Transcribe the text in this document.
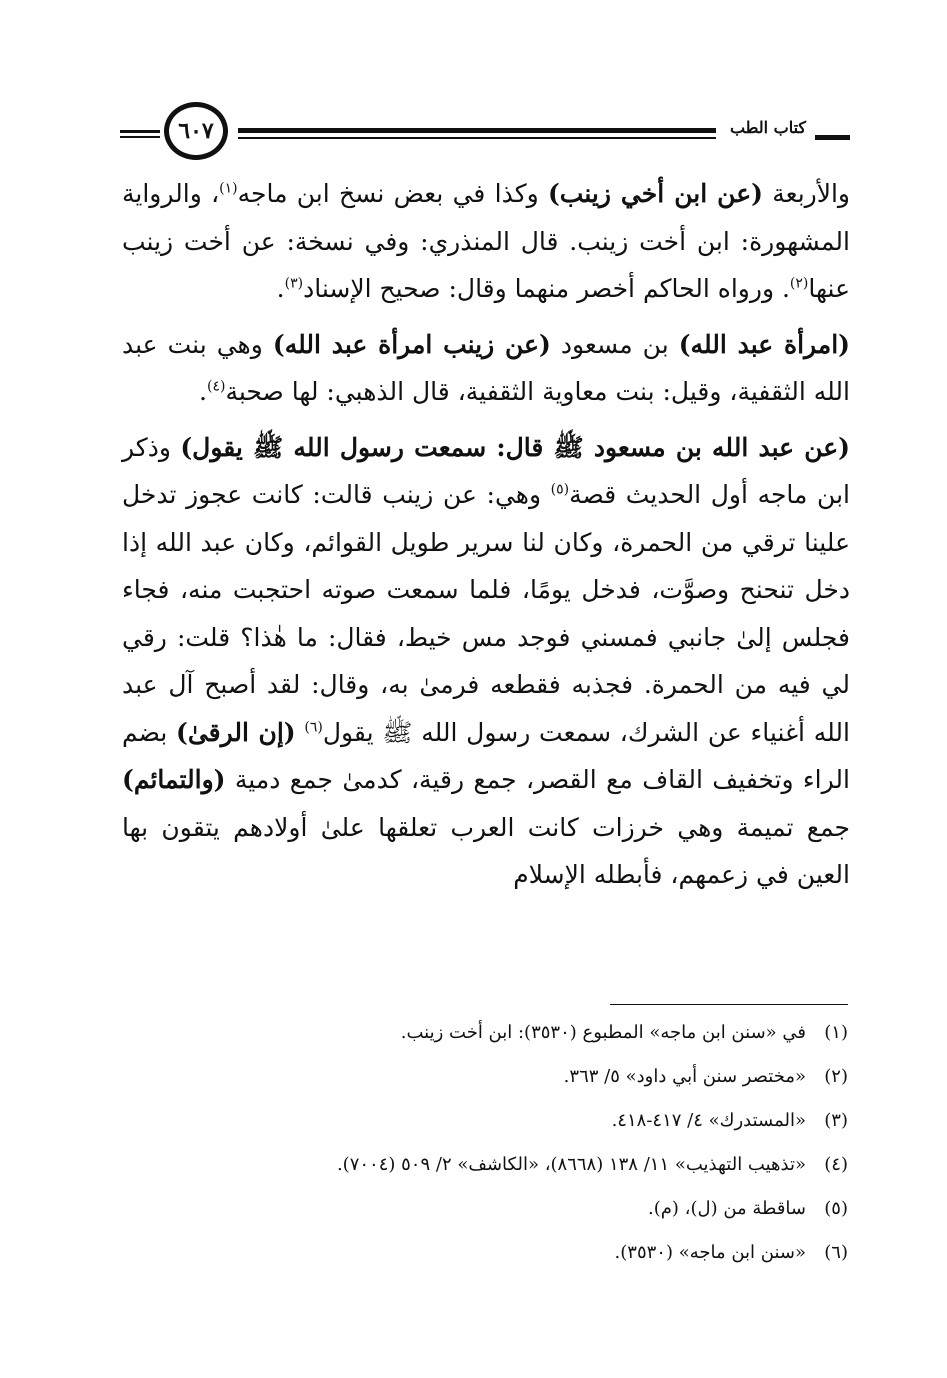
٦٠٧	كتاب الطب

والأربعة (عن ابن أخي زينب) وكذا في بعض نسخ ابن ماجه$^{(١)}$، والرواية المشهورة: ابن أخت زينب. قال المنذري: وفي نسخة: عن أخت زينب عنها$^{(٢)}$. ورواه الحاكم أخصر منهما وقال: صحيح الإسناد$^{(٣)}$.

(امرأة عبد الله) بن مسعود (عن زينب امرأة عبد الله) وهي بنت عبد الله الثقفية، وقيل: بنت معاوية الثقفية، قال الذهبي: لها صحبة$^{(٤)}$.

(عن عبد الله بن مسعود ﷺ قال: سمعت رسول الله ﷺ يقول) وذكر ابن ماجه أول الحديث قصة$^{(٥)}$ وهي: عن زينب قالت: كانت عجوز تدخل علينا ترقي من الحمرة، وكان لنا سرير طويل القوائم، وكان عبد الله إذا دخل تنحنح وصوَّت، فدخل يومًا، فلما سمعت صوته احتجبت منه، فجاء فجلس إلىٰ جانبي فمسني فوجد مس خيط، فقال: ما هٰذا؟ قلت: رقي لي فيه من الحمرة. فجذبه فقطعه فرمىٰ به، وقال: لقد أصبح آل عبد الله أغنياء عن الشرك، سمعت رسول الله ﷺ يقول$^{(٦)}$ (إن الرقىٰ) بضم الراء وتخفيف القاف مع القصر، جمع رقية، كدمىٰ جمع دمية (والتمائم) جمع تميمة وهي خرزات كانت العرب تعلقها علىٰ أولادهم يتقون بها العين في زعمهم، فأبطله الإسلام

(١)
في «سنن ابن ماجه» المطبوع (٣٥٣٠): ابن أخت زينب.
(٢)
«مختصر سنن أبي داود» ٥/ ٣٦٣.
(٣)
«المستدرك» ٤/ ٤١٧-٤١٨.
(٤)
«تذهيب التهذيب» ١١/ ١٣٨ (٨٦٦٨)، «الكاشف» ٢/ ٥٠٩ (٧٠٠٤).
(٥)
ساقطة من (ل)، (م).
(٦)
«سنن ابن ماجه» (٣٥٣٠).
